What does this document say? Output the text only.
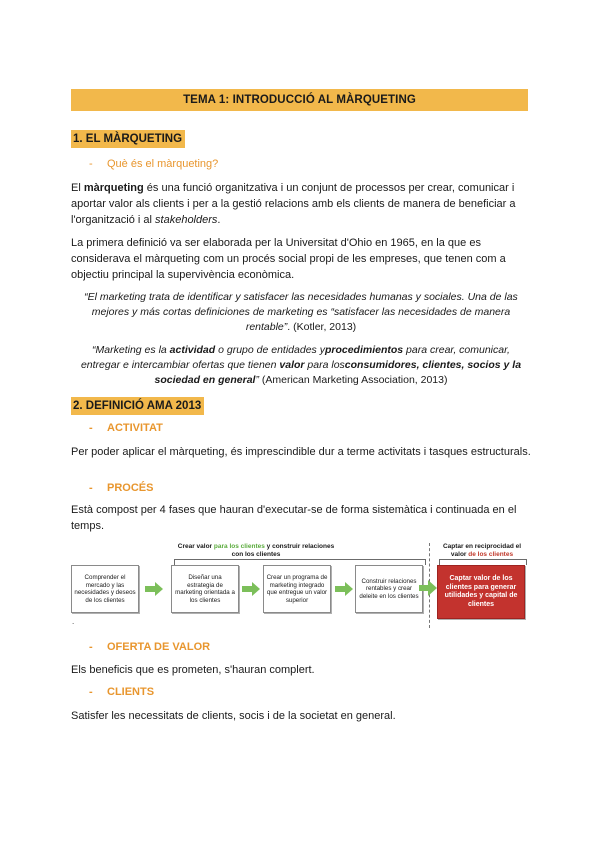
TEMA 1: INTRODUCCIÓ AL MÀRQUETING
1. EL MÀRQUETING
- Què és el màrqueting?

El màrqueting és una funció organitzativa i un conjunt de processos per crear, comunicar i aportar valor als clients i per a la gestió relacions amb els clients de manera de beneficiar a l'organització i al stakeholders.

La primera definició va ser elaborada per la Universitat d'Ohio en 1965, en la que es considerava el màrqueting com un procés social propi de les empreses, que tenen com a objectiu principal la supervivència econòmica.

“El marketing trata de identificar y satisfacer las necesidades humanas y sociales. Una de las mejores y más cortas definiciones de marketing es “satisfacer las necesidades de manera rentable”. (Kotler, 2013)

“Marketing es la actividad o grupo de entidades yprocedimientos para crear, comunicar, entregar e intercambiar ofertas que tienen valor para losconsumidores, clientes, socios y la sociedad en general” (American Marketing Association, 2013)

2. DEFINICIÓ AMA 2013
- ACTIVITAT

Per poder aplicar el màrqueting, és imprescindible dur a terme activitats i tasques estructurals.

- PROCÉS

Està compost per 4 fases que hauran d'executar-se de forma sistemàtica i continuada en el temps.

Crear valor para los clientes y construir relaciones con los clientes
Captar en reciprocidad el valor de los clientes
Comprender el mercado y las necesidades y deseos de los clientes
Diseñar una estrategia de marketing orientada a los clientes
Crear un programa de marketing integrado que entregue un valor superior
Construir relaciones rentables y crear deleite en los clientes
Captar valor de los clientes para generar utilidades y capital de clientes
.
- OFERTA DE VALOR

Els beneficis que es prometen, s'hauran complert.

- CLIENTS

Satisfer les necessitats de clients, socis i de la societat en general.
